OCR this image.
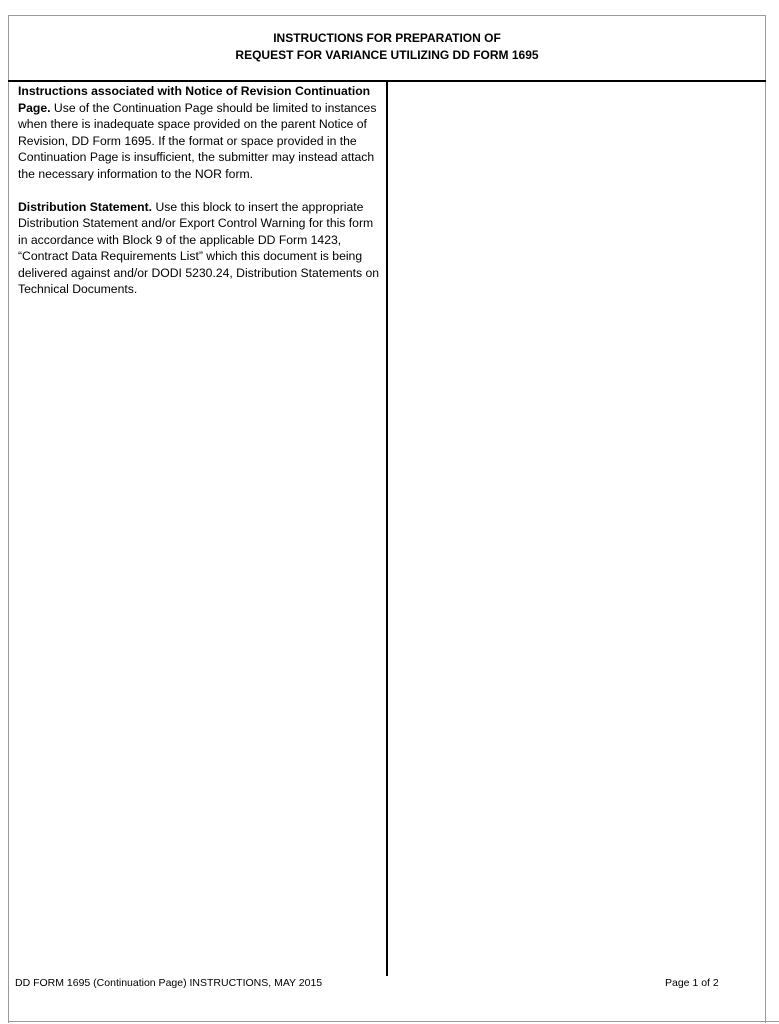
INSTRUCTIONS FOR PREPARATION OF
REQUEST FOR VARIANCE UTILIZING DD FORM 1695

Instructions associated with Notice of Revision Continuation Page. Use of the Continuation Page should be limited to instances when there is inadequate space provided on the parent Notice of Revision, DD Form 1695. If the format or space provided in the Continuation Page is insufficient, the submitter may instead attach the necessary information to the NOR form.

Distribution Statement. Use this block to insert the appropriate Distribution Statement and/or Export Control Warning for this form in accordance with Block 9 of the applicable DD Form 1423, “Contract Data Requirements List” which this document is being delivered against and/or DODI 5230.24, Distribution Statements on Technical Documents.

DD FORM 1695 (Continuation Page) INSTRUCTIONS, MAY 2015	Page 1 of 2
